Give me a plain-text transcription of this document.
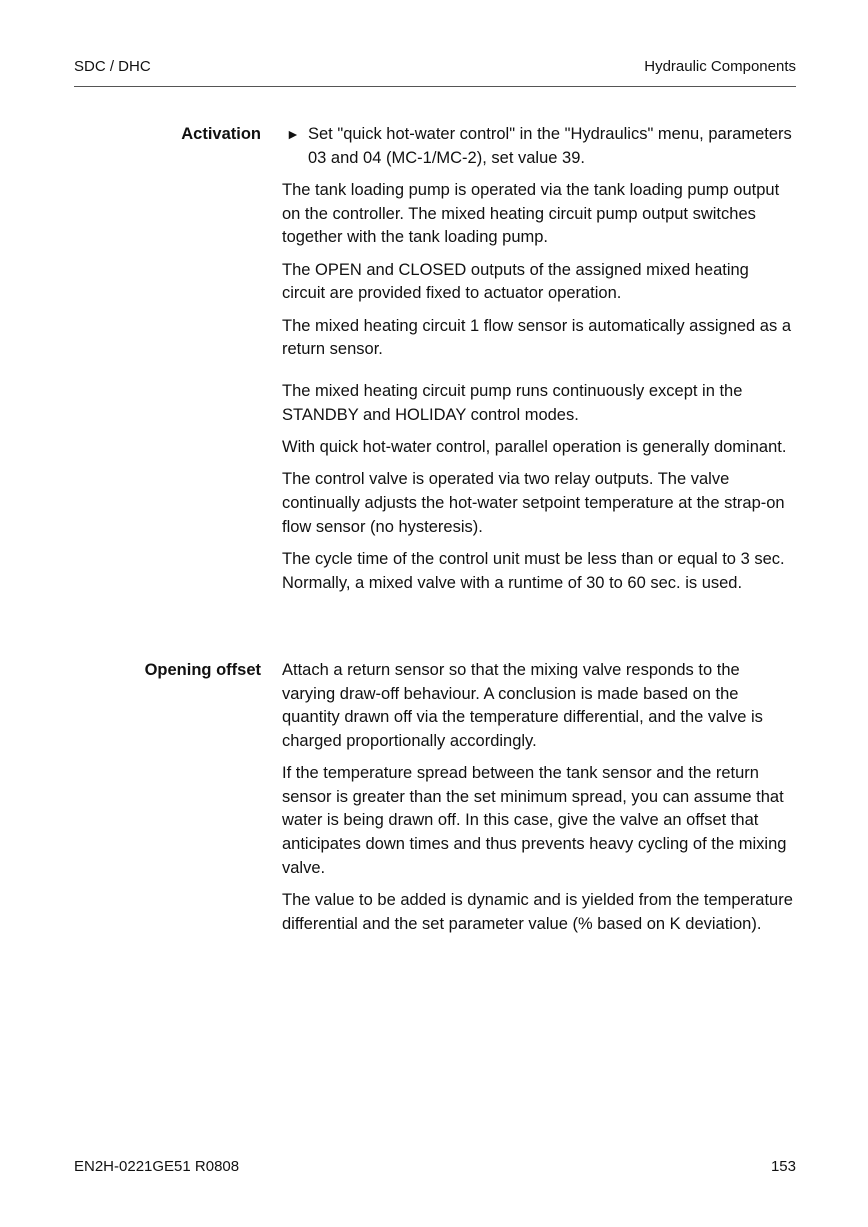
SDC / DHC	Hydraulic Components
Activation ► Set "quick hot-water control" in the "Hydraulics" menu, parameters 03 and 04 (MC-1/MC-2), set value 39.

The tank loading pump is operated via the tank loading pump output on the controller. The mixed heating circuit pump output switches together with the tank loading pump.

The OPEN and CLOSED outputs of the assigned mixed heating circuit are provided fixed to actuator operation.

The mixed heating circuit 1 flow sensor is automatically assigned as a return sensor.

The mixed heating circuit pump runs continuously except in the STANDBY and HOLIDAY control modes.

With quick hot-water control, parallel operation is generally dominant.

The control valve is operated via two relay outputs. The valve continually adjusts the hot-water setpoint temperature at the strap-on flow sensor (no hysteresis).

The cycle time of the control unit must be less than or equal to 3 sec. Normally, a mixed valve with a runtime of 30 to 60 sec. is used.

Opening offset Attach a return sensor so that the mixing valve responds to the varying draw-off behaviour. A conclusion is made based on the quantity drawn off via the temperature differential, and the valve is charged proportionally accordingly.

If the temperature spread between the tank sensor and the return sensor is greater than the set minimum spread, you can assume that water is being drawn off. In this case, give the valve an offset that anticipates down times and thus prevents heavy cycling of the mixing valve.

The value to be added is dynamic and is yielded from the temperature differential and the set parameter value (% based on K deviation).

EN2H-0221GE51 R0808	153
